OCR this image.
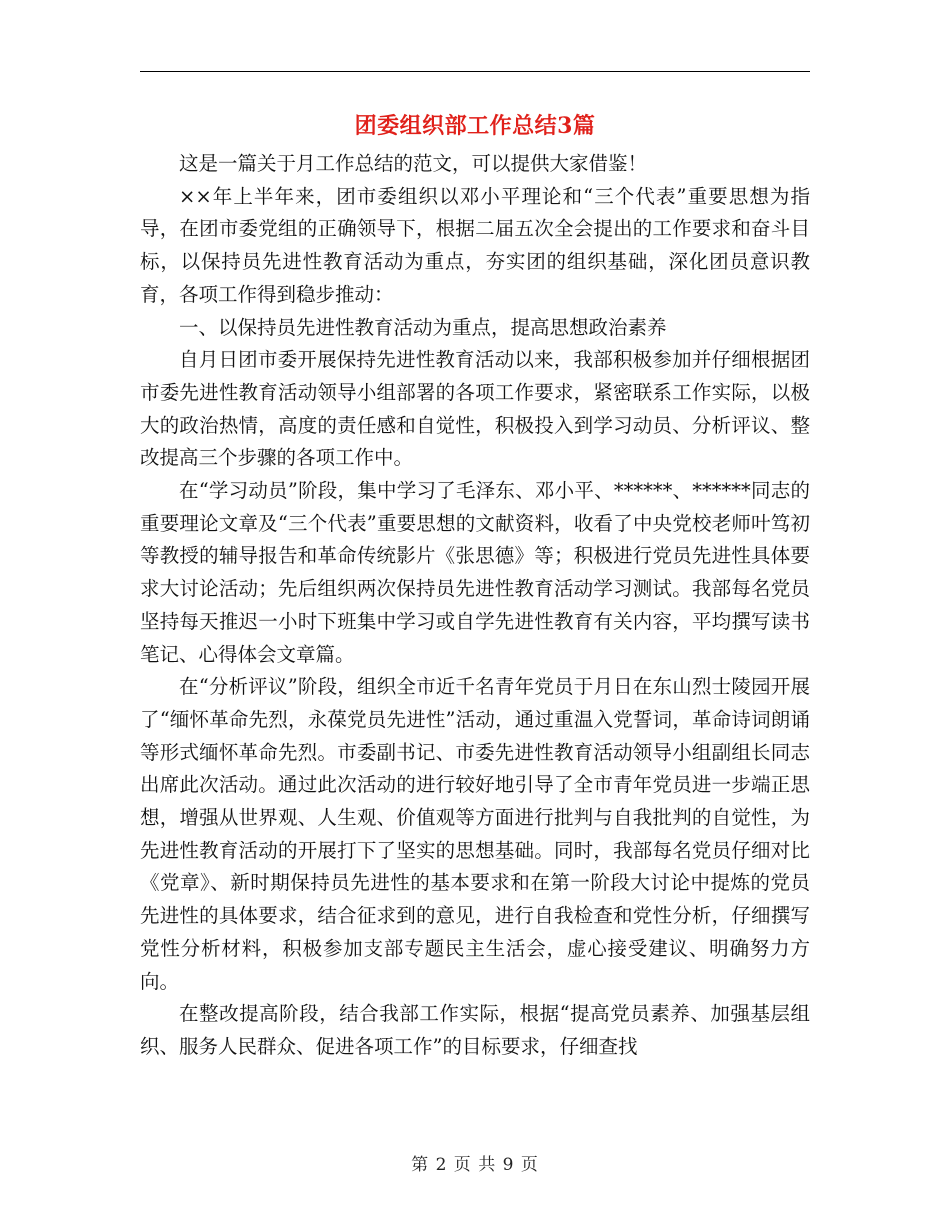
团委组织部工作总结3篇

这是一篇关于月工作总结的范文，可以提供大家借鉴！

××年上半年来，团市委组织以邓小平理论和“三个代表”重要思想为指导，在团市委党组的正确领导下，根据二届五次全会提出的工作要求和奋斗目标，以保持员先进性教育活动为重点，夯实团的组织基础，深化团员意识教育，各项工作得到稳步推动：

一、以保持员先进性教育活动为重点，提高思想政治素养

自月日团市委开展保持先进性教育活动以来，我部积极参加并仔细根据团市委先进性教育活动领导小组部署的各项工作要求，紧密联系工作实际，以极大的政治热情，高度的责任感和自觉性，积极投入到学习动员、分析评议、整改提高三个步骤的各项工作中。

在“学习动员”阶段，集中学习了毛泽东、邓小平、******、******同志的重要理论文章及“三个代表”重要思想的文献资料，收看了中央党校老师叶笃初等教授的辅导报告和革命传统影片《张思德》等；积极进行党员先进性具体要求大讨论活动；先后组织两次保持员先进性教育活动学习测试。我部每名党员坚持每天推迟一小时下班集中学习或自学先进性教育有关内容，平均撰写读书笔记、心得体会文章篇。

在“分析评议”阶段，组织全市近千名青年党员于月日在东山烈士陵园开展了“缅怀革命先烈，永葆党员先进性”活动，通过重温入党誓词，革命诗词朗诵等形式缅怀革命先烈。市委副书记、市委先进性教育活动领导小组副组长同志出席此次活动。通过此次活动的进行较好地引导了全市青年党员进一步端正思想，增强从世界观、人生观、价值观等方面进行批判与自我批判的自觉性，为先进性教育活动的开展打下了坚实的思想基础。同时，我部每名党员仔细对比《党章》、新时期保持员先进性的基本要求和在第一阶段大讨论中提炼的党员先进性的具体要求，结合征求到的意见，进行自我检查和党性分析，仔细撰写党性分析材料，积极参加支部专题民主生活会，虚心接受建议、明确努力方向。

在整改提高阶段，结合我部工作实际，根据“提高党员素养、加强基层组织、服务人民群众、促进各项工作”的目标要求，仔细查找

第 2 页 共 9 页
